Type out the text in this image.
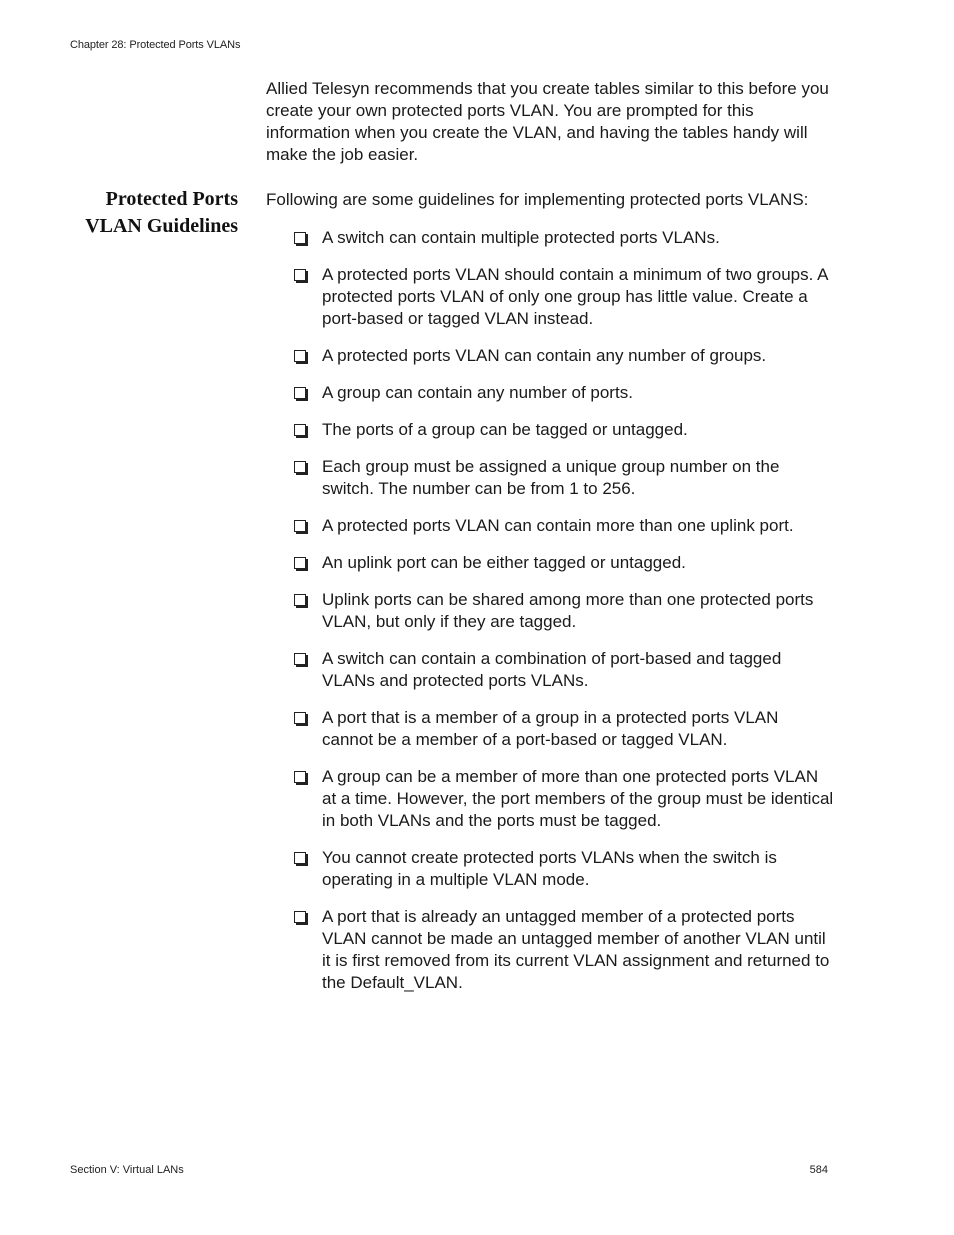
Chapter 28: Protected Ports VLANs

Allied Telesyn recommends that you create tables similar to this before you create your own protected ports VLAN. You are prompted for this information when you create the VLAN, and having the tables handy will make the job easier.

Protected Ports
VLAN Guidelines

Following are some guidelines for implementing protected ports VLANS:

A switch can contain multiple protected ports VLANs.
A protected ports VLAN should contain a minimum of two groups. A protected ports VLAN of only one group has little value. Create a port-based or tagged VLAN instead.
A protected ports VLAN can contain any number of groups.
A group can contain any number of ports.
The ports of a group can be tagged or untagged.
Each group must be assigned a unique group number on the switch. The number can be from 1 to 256.
A protected ports VLAN can contain more than one uplink port.
An uplink port can be either tagged or untagged.
Uplink ports can be shared among more than one protected ports VLAN, but only if they are tagged.
A switch can contain a combination of port-based and tagged VLANs and protected ports VLANs.
A port that is a member of a group in a protected ports VLAN cannot be a member of a port-based or tagged VLAN.
A group can be a member of more than one protected ports VLAN at a time. However, the port members of the group must be identical in both VLANs and the ports must be tagged.
You cannot create protected ports VLANs when the switch is operating in a multiple VLAN mode.
A port that is already an untagged member of a protected ports VLAN cannot be made an untagged member of another VLAN until it is first removed from its current VLAN assignment and returned to the Default_VLAN.
Section V: Virtual LANs	584
